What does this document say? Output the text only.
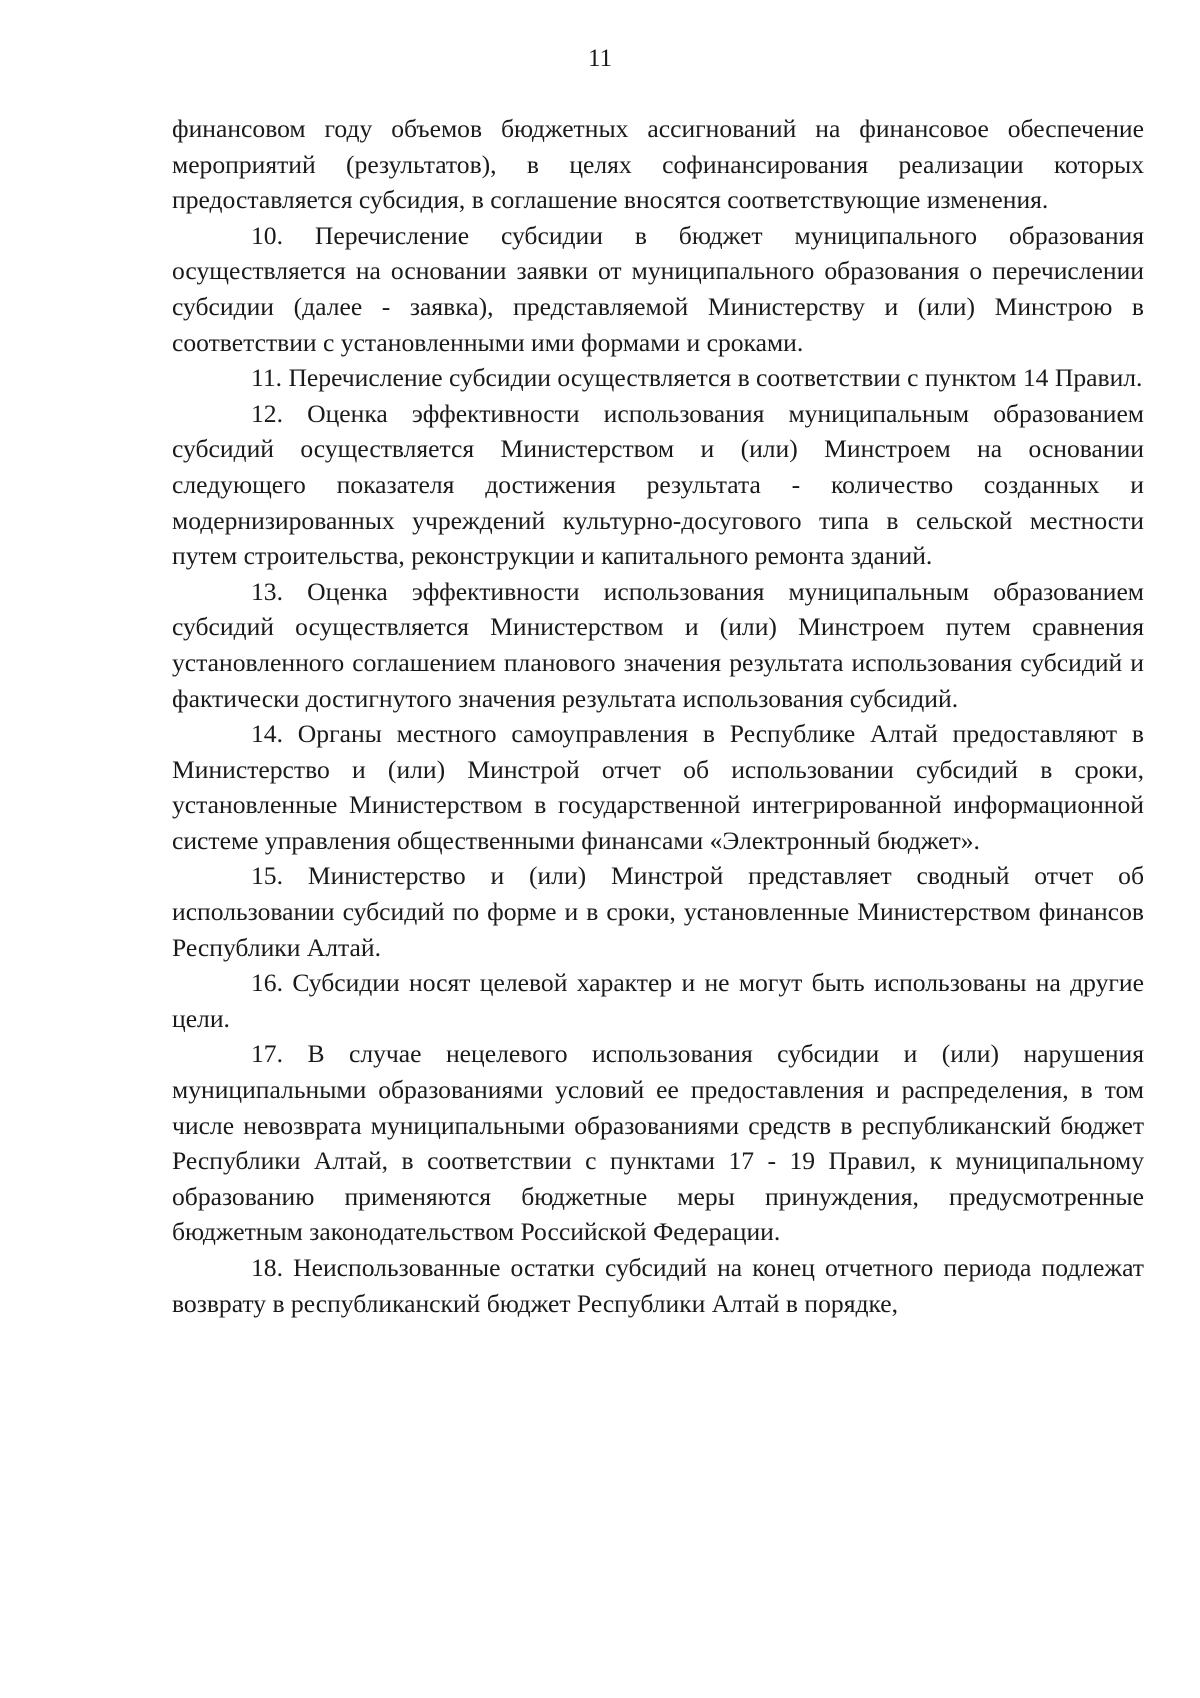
11

финансовом году объемов бюджетных ассигнований на финансовое обеспечение мероприятий (результатов), в целях софинансирования реализации которых предоставляется субсидия, в соглашение вносятся соответствующие изменения.

10. Перечисление субсидии в бюджет муниципального образования осуществляется на основании заявки от муниципального образования о перечислении субсидии (далее - заявка), представляемой Министерству и (или) Минстрою в соответствии с установленными ими формами и сроками.

11. Перечисление субсидии осуществляется в соответствии с пунктом 14 Правил.

12. Оценка эффективности использования муниципальным образованием субсидий осуществляется Министерством и (или) Минстроем на основании следующего показателя достижения результата - количество созданных и модернизированных учреждений культурно-досугового типа в сельской местности путем строительства, реконструкции и капитального ремонта зданий.

13. Оценка эффективности использования муниципальным образованием субсидий осуществляется Министерством и (или) Минстроем путем сравнения установленного соглашением планового значения результата использования субсидий и фактически достигнутого значения результата использования субсидий.

14. Органы местного самоуправления в Республике Алтай предоставляют в Министерство и (или) Минстрой отчет об использовании субсидий в сроки, установленные Министерством в государственной интегрированной информационной системе управления общественными финансами «Электронный бюджет».

15. Министерство и (или) Минстрой представляет сводный отчет об использовании субсидий по форме и в сроки, установленные Министерством финансов Республики Алтай.

16. Субсидии носят целевой характер и не могут быть использованы на другие цели.

17. В случае нецелевого использования субсидии и (или) нарушения муниципальными образованиями условий ее предоставления и распределения, в том числе невозврата муниципальными образованиями средств в республиканский бюджет Республики Алтай, в соответствии с пунктами 17 - 19 Правил, к муниципальному образованию применяются бюджетные меры принуждения, предусмотренные бюджетным законодательством Российской Федерации.

18. Неиспользованные остатки субсидий на конец отчетного периода подлежат возврату в республиканский бюджет Республики Алтай в порядке,
